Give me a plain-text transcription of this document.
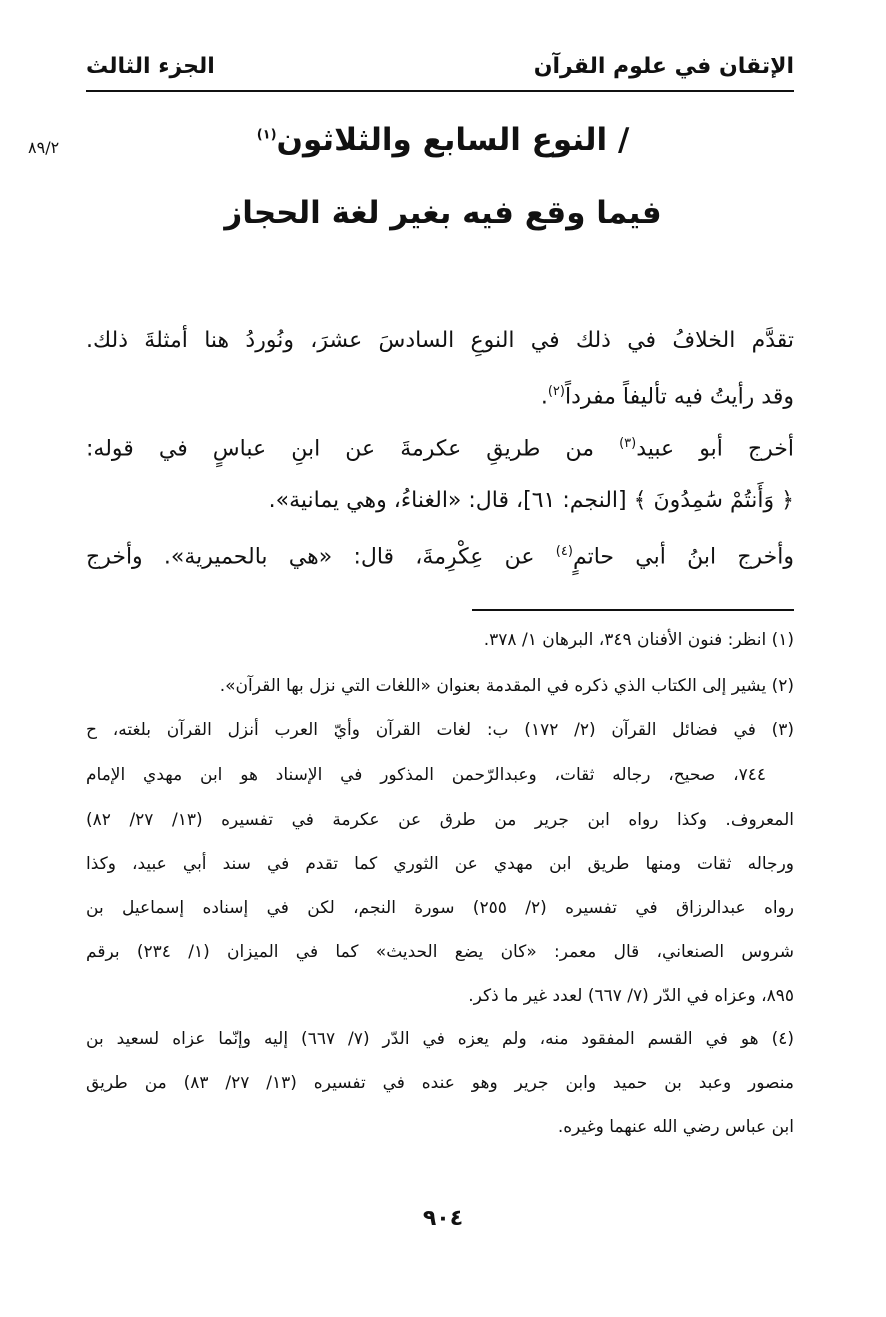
الإتقان في علوم القرآن
الجزء الثالث
٨٩/٢	/ النوع السابع والثلاثون$^{(١)}$
فيما وقع فيه بغير لغة الحجاز
تقدَّم الخلافُ في ذلك في النوعِ السادسَ عشرَ، ونُوردُ هنا أمثلةَ ذلك.
وقد رأيتُ فيه تأليفاً مفرداً$^{(٢)}$.
أخرج أبو عبيد$^{(٣)}$ من طريقِ عكرمةَ عن ابنِ عباسٍ في قوله:
﴿ وَأَنتُمْ سَٰمِدُونَ ﴾ [النجم: ٦١]، قال: «الغناءُ، وهي يمانية».
وأخرج ابنُ أبي حاتمٍ$^{(٤)}$ عن عِكْرِمةَ، قال: «هي بالحميرية». وأخرج
(١) انظر: فنون الأفنان ٣٤٩، البرهان ١/ ٣٧٨.
(٢) يشير إلى الكتاب الذي ذكره في المقدمة بعنوان «اللغات التي نزل بها القرآن».
(٣) في فضائل القرآن (٢/ ١٧٢) ب: لغات القرآن وأيّ العرب أنزل القرآن بلغته، ح
٧٤٤، صحيح، رجاله ثقات، وعبدالرّحمن المذكور في الإسناد هو ابن مهدي الإمام
المعروف. وكذا رواه ابن جرير من طرق عن عكرمة في تفسيره (١٣/ ٢٧/ ٨٢)
ورجاله ثقات ومنها طريق ابن مهدي عن الثوري كما تقدم في سند أبي عبيد، وكذا
رواه عبدالرزاق في تفسيره (٢/ ٢٥٥) سورة النجم، لكن في إسناده إسماعيل بن
شروس الصنعاني، قال معمر: «كان يضع الحديث» كما في الميزان (١/ ٢٣٤) برقم
٨٩٥، وعزاه في الدّر (٧/ ٦٦٧) لعدد غير ما ذكر.
(٤) هو في القسم المفقود منه، ولم يعزه في الدّر (٧/ ٦٦٧) إليه وإنّما عزاه لسعيد بن
منصور وعبد بن حميد وابن جرير وهو عنده في تفسيره (١٣/ ٢٧/ ٨٣) من طريق
ابن عباس رضي الله عنهما وغيره.
٩٠٤
